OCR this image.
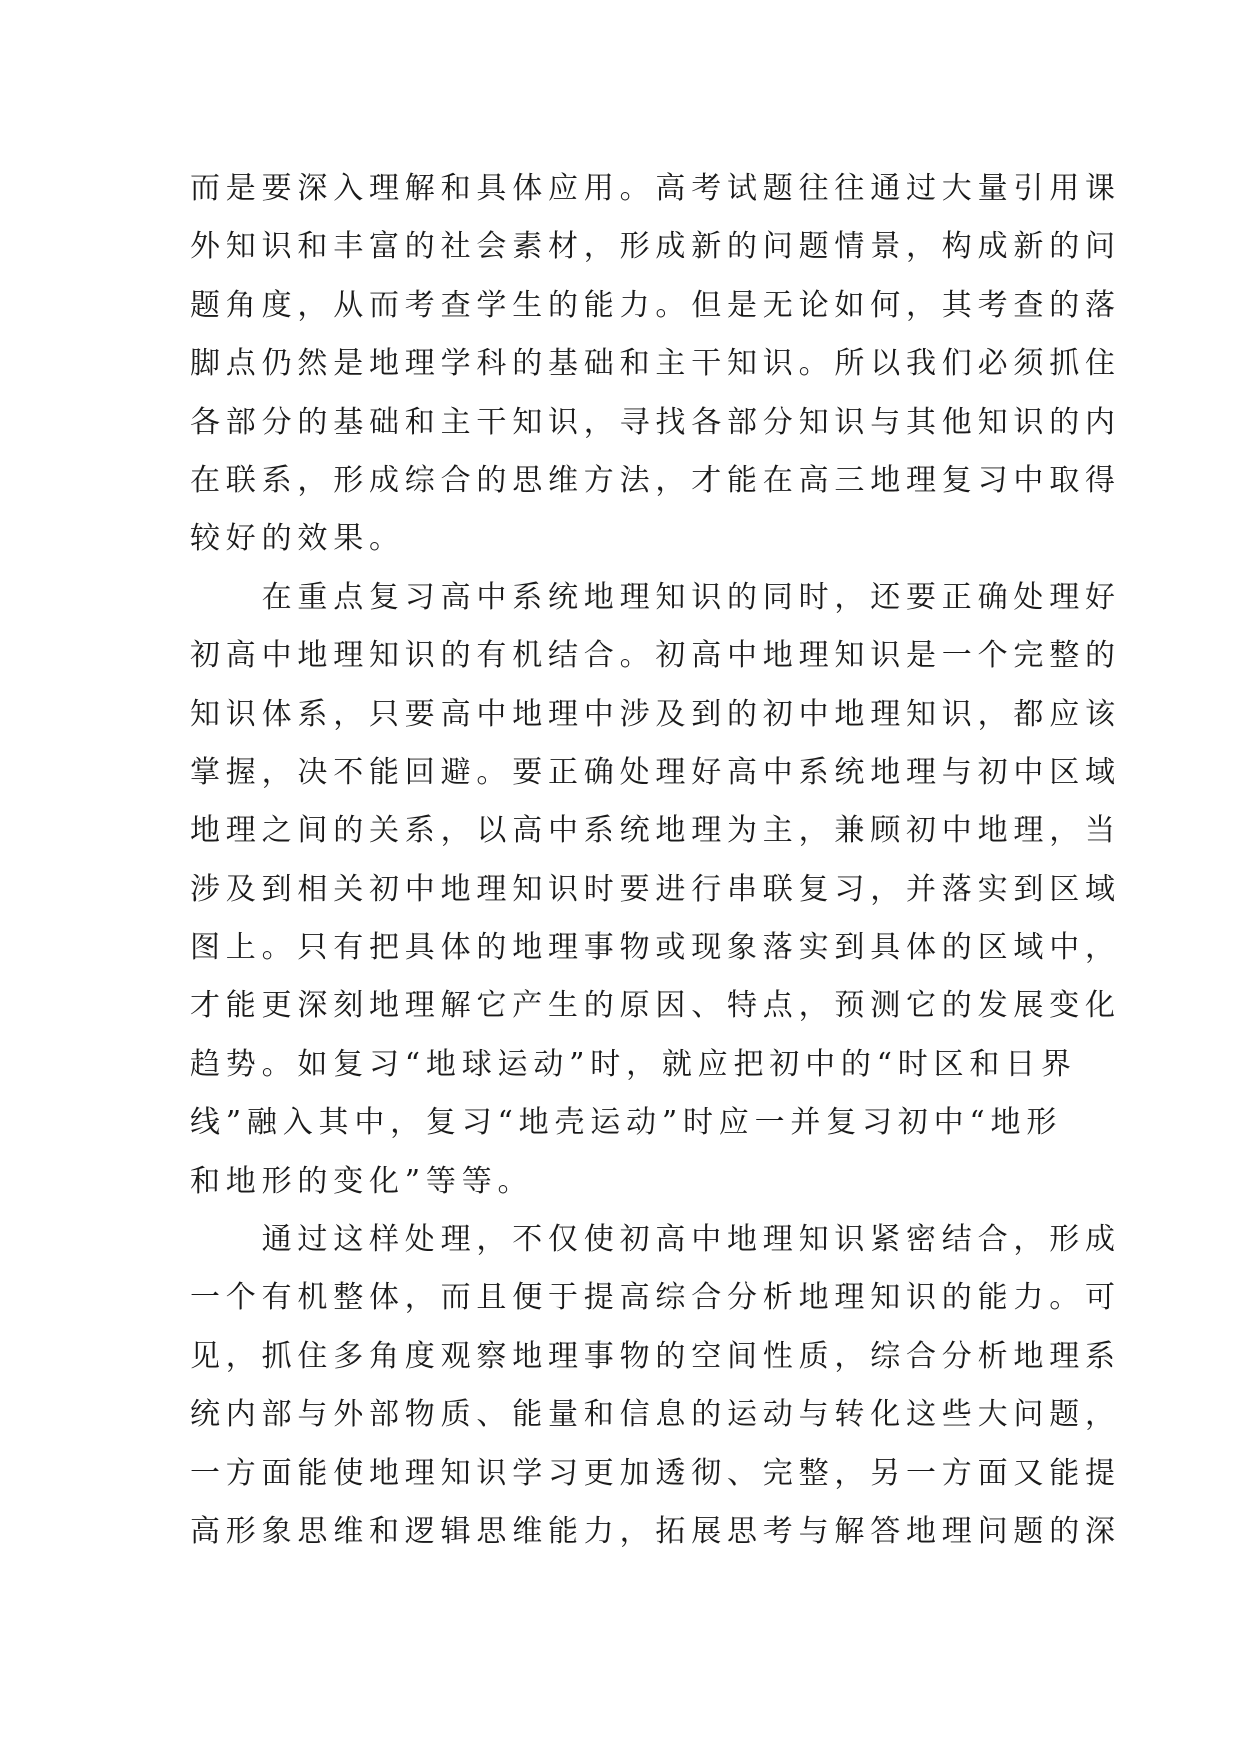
而是要深入理解和具体应用。高考试题往往通过大量引用课
外知识和丰富的社会素材，形成新的问题情景，构成新的问
题角度，从而考查学生的能力。但是无论如何，其考查的落
脚点仍然是地理学科的基础和主干知识。所以我们必须抓住
各部分的基础和主干知识，寻找各部分知识与其他知识的内
在联系，形成综合的思维方法，才能在高三地理复习中取得
较好的效果。
　　在重点复习高中系统地理知识的同时，还要正确处理好
初高中地理知识的有机结合。初高中地理知识是一个完整的
知识体系，只要高中地理中涉及到的初中地理知识，都应该
掌握，决不能回避。要正确处理好高中系统地理与初中区域
地理之间的关系，以高中系统地理为主，兼顾初中地理，当
涉及到相关初中地理知识时要进行串联复习，并落实到区域
图上。只有把具体的地理事物或现象落实到具体的区域中，
才能更深刻地理解它产生的原因、特点，预测它的发展变化
趋势。如复习“地球运动”时，就应把初中的“时区和日界
线”融入其中，复习“地壳运动”时应一并复习初中“地形
和地形的变化”等等。
　　通过这样处理，不仅使初高中地理知识紧密结合，形成
一个有机整体，而且便于提高综合分析地理知识的能力。可
见，抓住多角度观察地理事物的空间性质，综合分析地理系
统内部与外部物质、能量和信息的运动与转化这些大问题，
一方面能使地理知识学习更加透彻、完整，另一方面又能提
高形象思维和逻辑思维能力，拓展思考与解答地理问题的深
